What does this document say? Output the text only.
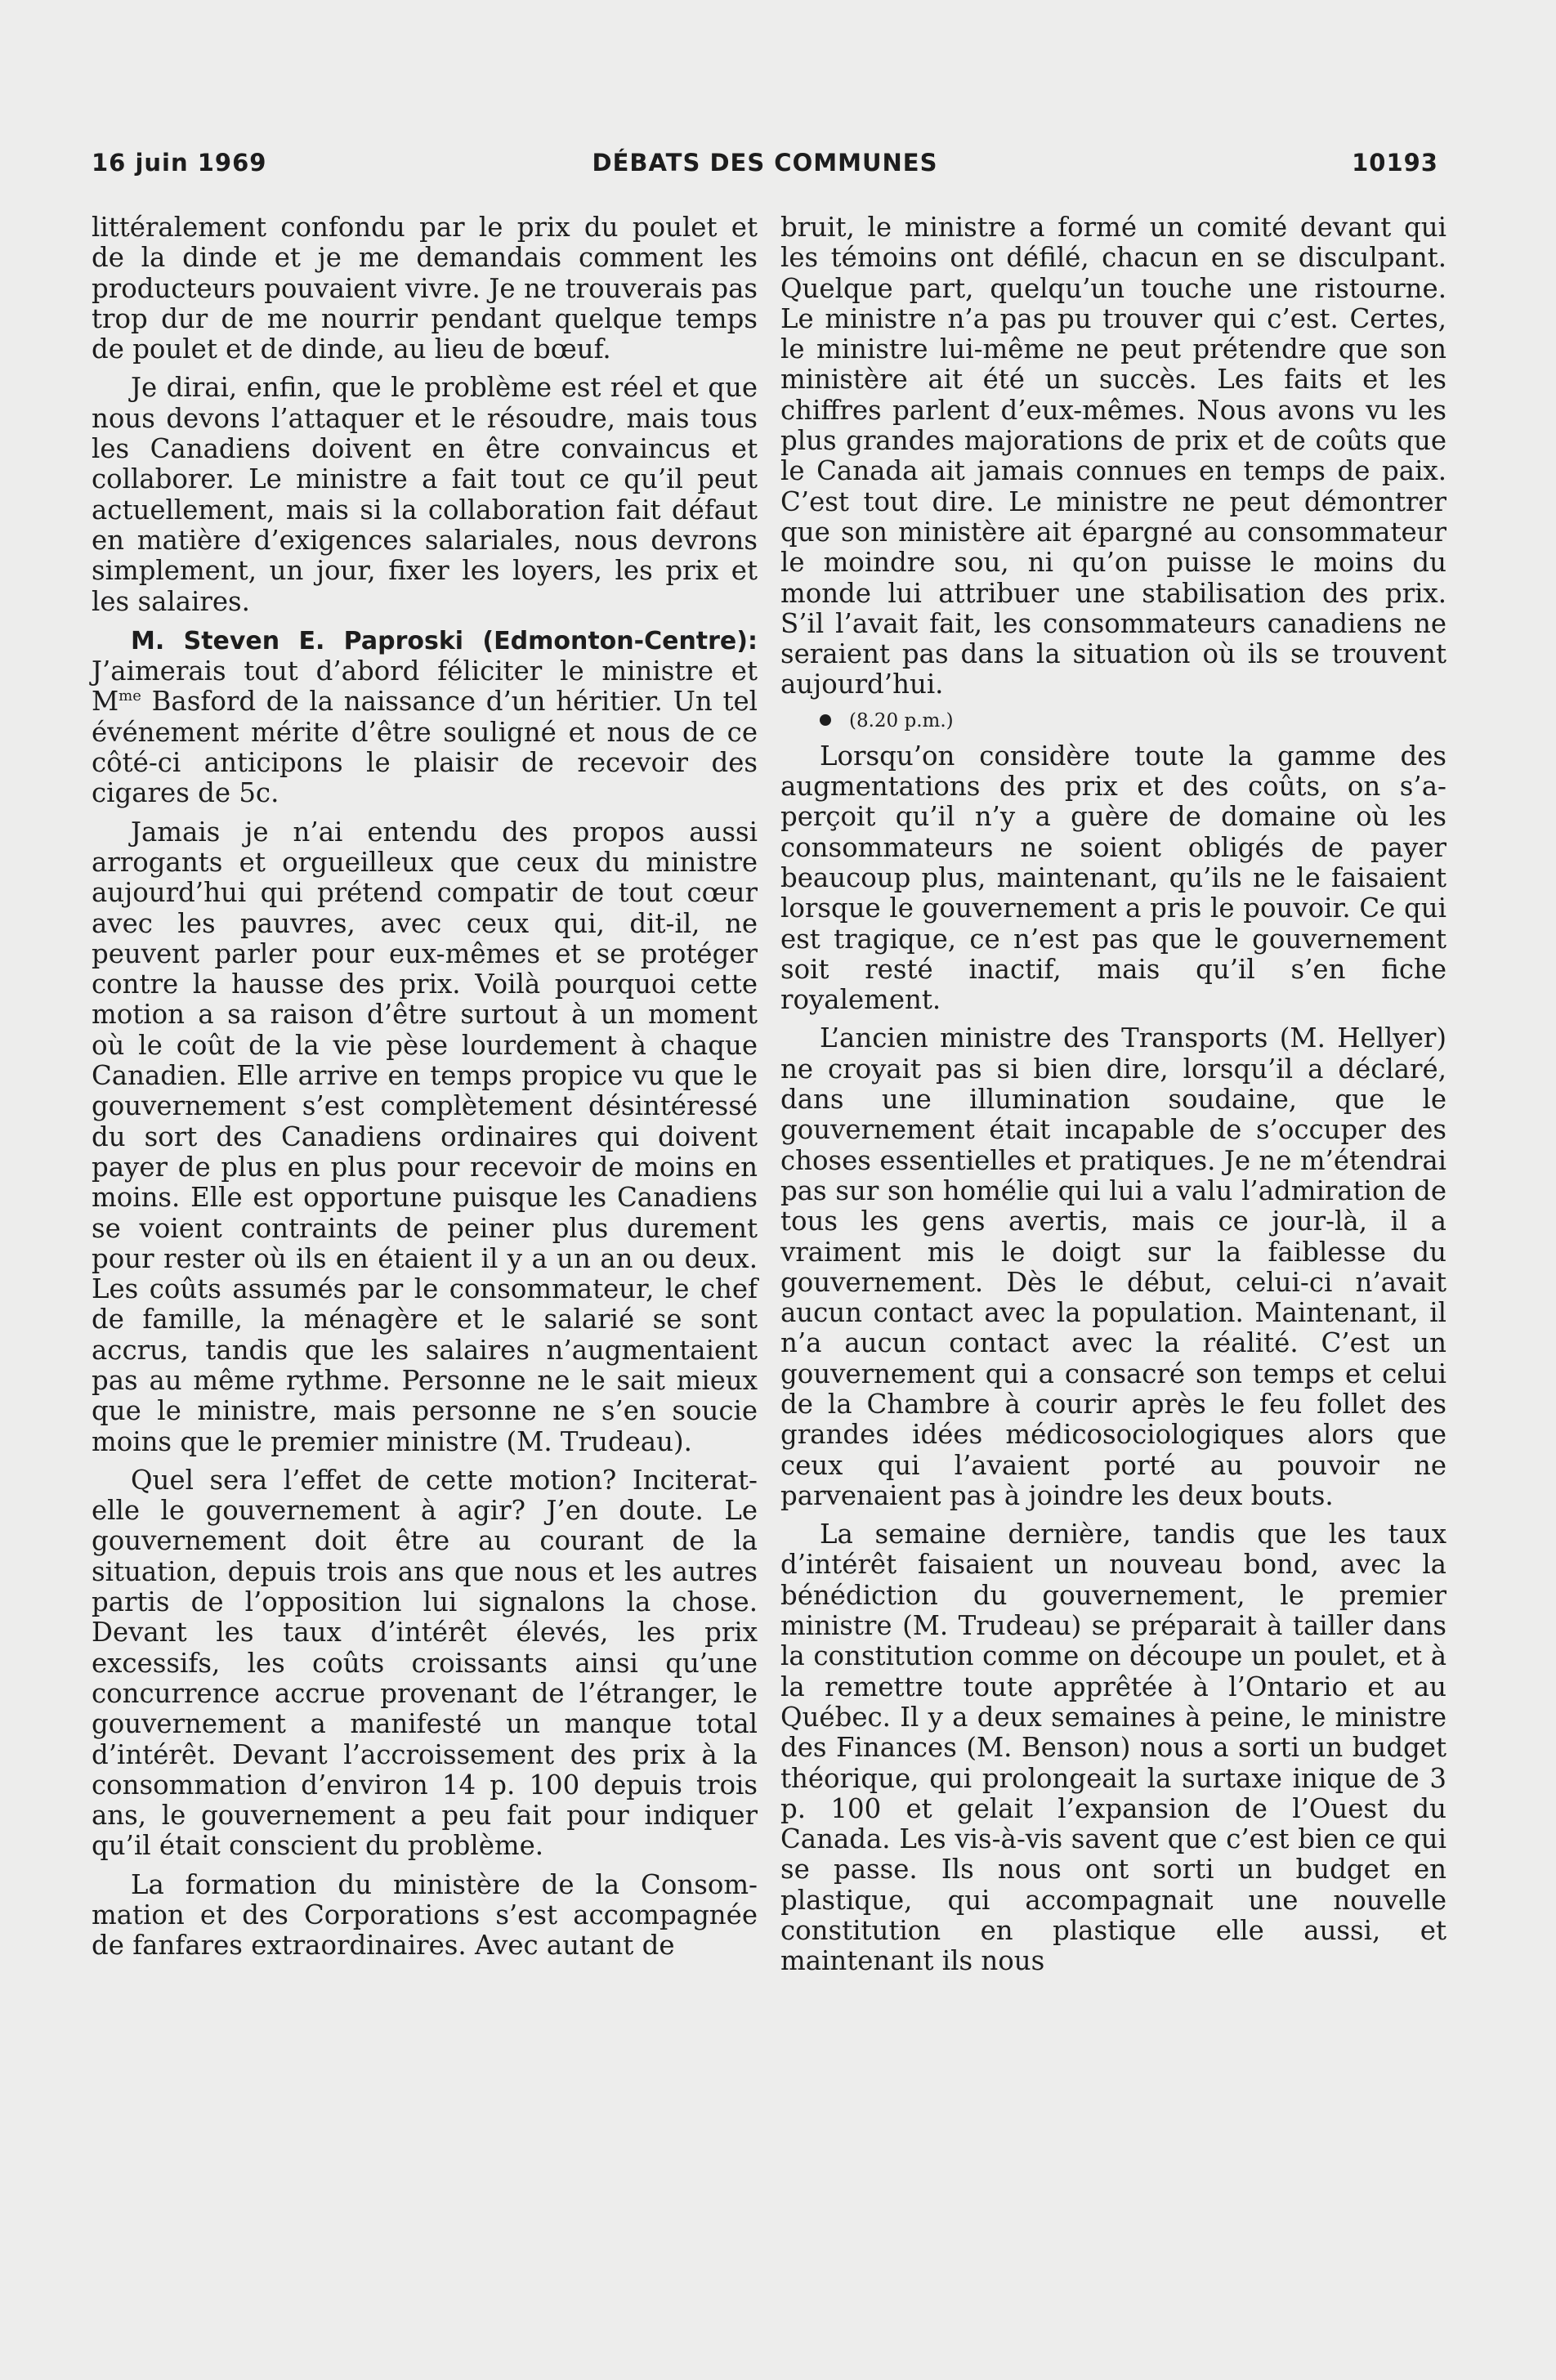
16 juin 1969	DÉBATS DES COMMUNES	10193

littéralement confondu par le prix du poulet et de la dinde et je me demandais comment les producteurs pouvaient vivre. Je ne trouverais pas trop dur de me nourrir pendant quelque temps de poulet et de dinde, au lieu de bœuf.

Je dirai, enfin, que le problème est réel et que nous devons l’attaquer et le résoudre, mais tous les Canadiens doivent en être convaincus et collaborer. Le ministre a fait tout ce qu’il peut actuellement, mais si la collaboration fait défaut en matière d’exigences salariales, nous devrons simplement, un jour, fixer les loyers, les prix et les salaires.

M. Steven E. Paproski (Edmonton-Centre): J’aimerais tout d’abord féliciter le ministre et $M^{me}$ Basford de la naissance d’un héritier. Un tel événement mérite d’être souligné et nous de ce côté-ci anticipons le plaisir de recevoir des cigares de 5c.

Jamais je n’ai entendu des propos aussi arrogants et orgueilleux que ceux du ministre aujourd’hui qui prétend compatir de tout cœur avec les pauvres, avec ceux qui, dit-il, ne peuvent parler pour eux-mêmes et se protéger contre la hausse des prix. Voilà pourquoi cette motion a sa raison d’être surtout à un moment où le coût de la vie pèse lourdement à chaque Canadien. Elle arrive en temps propice vu que le gouvernement s’est complètement désintéressé du sort des Canadiens ordinaires qui doivent payer de plus en plus pour recevoir de moins en moins. Elle est opportune puisque les Canadiens se voient contraints de peiner plus durement pour rester où ils en étaient il y a un an ou deux. Les coûts assumés par le consommateur, le chef de famille, la ménagère et le salarié se sont accrus, tandis que les salaires n’augmentaient pas au même rythme. Personne ne le sait mieux que le ministre, mais personne ne s’en soucie moins que le premier ministre (M. Trudeau).

Quel sera l’effet de cette motion? Inciterat-elle le gouvernement à agir? J’en doute. Le gouvernement doit être au courant de la situation, depuis trois ans que nous et les autres partis de l’opposition lui signalons la chose. Devant les taux d’intérêt élevés, les prix excessifs, les coûts croissants ainsi qu’une concurrence accrue provenant de l’étranger, le gouvernement a manifesté un manque total d’intérêt. Devant l’accroissement des prix à la consommation d’environ 14 p. 100 depuis trois ans, le gouvernement a peu fait pour indiquer qu’il était conscient du problème.

La formation du ministère de la Consommation et des Corporations s’est accompagnée de fanfares extraordinaires. Avec autant de

bruit, le ministre a formé un comité devant qui les témoins ont défilé, chacun en se disculpant. Quelque part, quelqu’un touche une ristourne. Le ministre n’a pas pu trouver qui c’est. Certes, le ministre lui-même ne peut prétendre que son ministère ait été un succès. Les faits et les chiffres parlent d’eux-mêmes. Nous avons vu les plus grandes majorations de prix et de coûts que le Canada ait jamais connues en temps de paix. C’est tout dire. Le ministre ne peut démontrer que son ministère ait épargné au consommateur le moindre sou, ni qu’on puisse le moins du monde lui attribuer une stabilisation des prix. S’il l’avait fait, les consommateurs canadiens ne seraient pas dans la situation où ils se trouvent aujourd’hui.

(8.20 p.m.)

Lorsqu’on considère toute la gamme des augmentations des prix et des coûts, on s’aperçoit qu’il n’y a guère de domaine où les consommateurs ne soient obligés de payer beaucoup plus, maintenant, qu’ils ne le faisaient lorsque le gouvernement a pris le pouvoir. Ce qui est tragique, ce n’est pas que le gouvernement soit resté inactif, mais qu’il s’en fiche royalement.

L’ancien ministre des Transports (M. Hellyer) ne croyait pas si bien dire, lorsqu’il a déclaré, dans une illumination soudaine, que le gouvernement était incapable de s’occuper des choses essentielles et pratiques. Je ne m’étendrai pas sur son homélie qui lui a valu l’admiration de tous les gens avertis, mais ce jour-là, il a vraiment mis le doigt sur la faiblesse du gouvernement. Dès le début, celui-ci n’avait aucun contact avec la population. Maintenant, il n’a aucun contact avec la réalité. C’est un gouvernement qui a consacré son temps et celui de la Chambre à courir après le feu follet des grandes idées médicosociologiques alors que ceux qui l’avaient porté au pouvoir ne parvenaient pas à joindre les deux bouts.

La semaine dernière, tandis que les taux d’intérêt faisaient un nouveau bond, avec la bénédiction du gouvernement, le premier ministre (M. Trudeau) se préparait à tailler dans la constitution comme on découpe un poulet, et à la remettre toute apprêtée à l’Ontario et au Québec. Il y a deux semaines à peine, le ministre des Finances (M. Benson) nous a sorti un budget théorique, qui prolongeait la surtaxe inique de 3 p. 100 et gelait l’expansion de l’Ouest du Canada. Les vis-à-vis savent que c’est bien ce qui se passe. Ils nous ont sorti un budget en plastique, qui accompagnait une nouvelle constitution en plastique elle aussi, et maintenant ils nous
